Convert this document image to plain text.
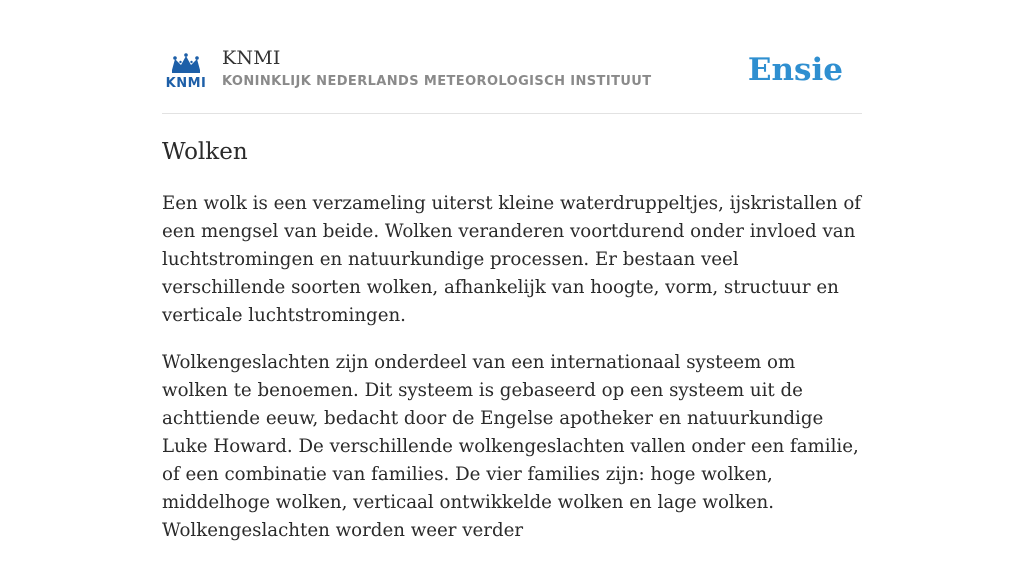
KNMI
KNMI
KONINKLIJK NEDERLANDS METEOROLOGISCH INSTITUUT	Ensie
Wolken

Een wolk is een verzameling uiterst kleine waterdruppeltjes, ijskristallen of een mengsel van beide. Wolken veranderen voortdurend onder invloed van luchtstromingen en natuurkundige processen. Er bestaan veel verschillende soorten wolken, afhankelijk van hoogte, vorm, structuur en verticale luchtstromingen.

Wolkengeslachten zijn onderdeel van een internationaal systeem om wolken te benoemen. Dit systeem is gebaseerd op een systeem uit de achttiende eeuw, bedacht door de Engelse apotheker en natuurkundige Luke Howard. De verschillende wolkengeslachten vallen onder een familie, of een combinatie van families. De vier families zijn: hoge wolken, middelhoge wolken, verticaal ontwikkelde wolken en lage wolken. Wolkengeslachten worden weer verder
